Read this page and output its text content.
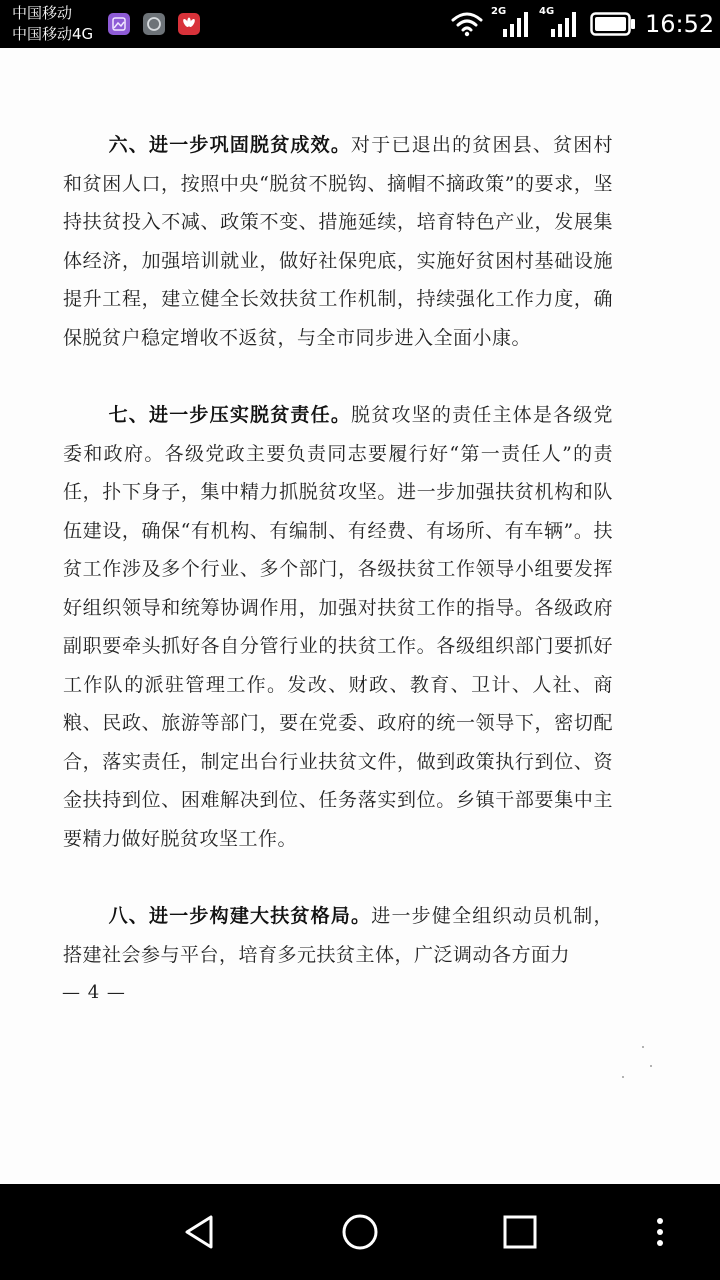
中国移动
中国移动4G
2G	4G	16:52

六、进一步巩固脱贫成效。对于已退出的贫困县、贫困村和贫困人口，按照中央“脱贫不脱钩、摘帽不摘政策”的要求，坚持扶贫投入不减、政策不变、措施延续，培育特色产业，发展集体经济，加强培训就业，做好社保兜底，实施好贫困村基础设施提升工程，建立健全长效扶贫工作机制，持续强化工作力度，确保脱贫户稳定增收不返贫，与全市同步进入全面小康。

七、进一步压实脱贫责任。脱贫攻坚的责任主体是各级党委和政府。各级党政主要负责同志要履行好“第一责任人”的责任，扑下身子，集中精力抓脱贫攻坚。进一步加强扶贫机构和队伍建设，确保“有机构、有编制、有经费、有场所、有车辆”。扶贫工作涉及多个行业、多个部门，各级扶贫工作领导小组要发挥好组织领导和统筹协调作用，加强对扶贫工作的指导。各级政府副职要牵头抓好各自分管行业的扶贫工作。各级组织部门要抓好工作队的派驻管理工作。发改、财政、教育、卫计、人社、商粮、民政、旅游等部门，要在党委、政府的统一领导下，密切配合，落实责任，制定出台行业扶贫文件，做到政策执行到位、资金扶持到位、困难解决到位、任务落实到位。乡镇干部要集中主要精力做好脱贫攻坚工作。

八、进一步构建大扶贫格局。进一步健全组织动员机制，搭建社会参与平台，培育多元扶贫主体，广泛调动各方面力

— 4 —
